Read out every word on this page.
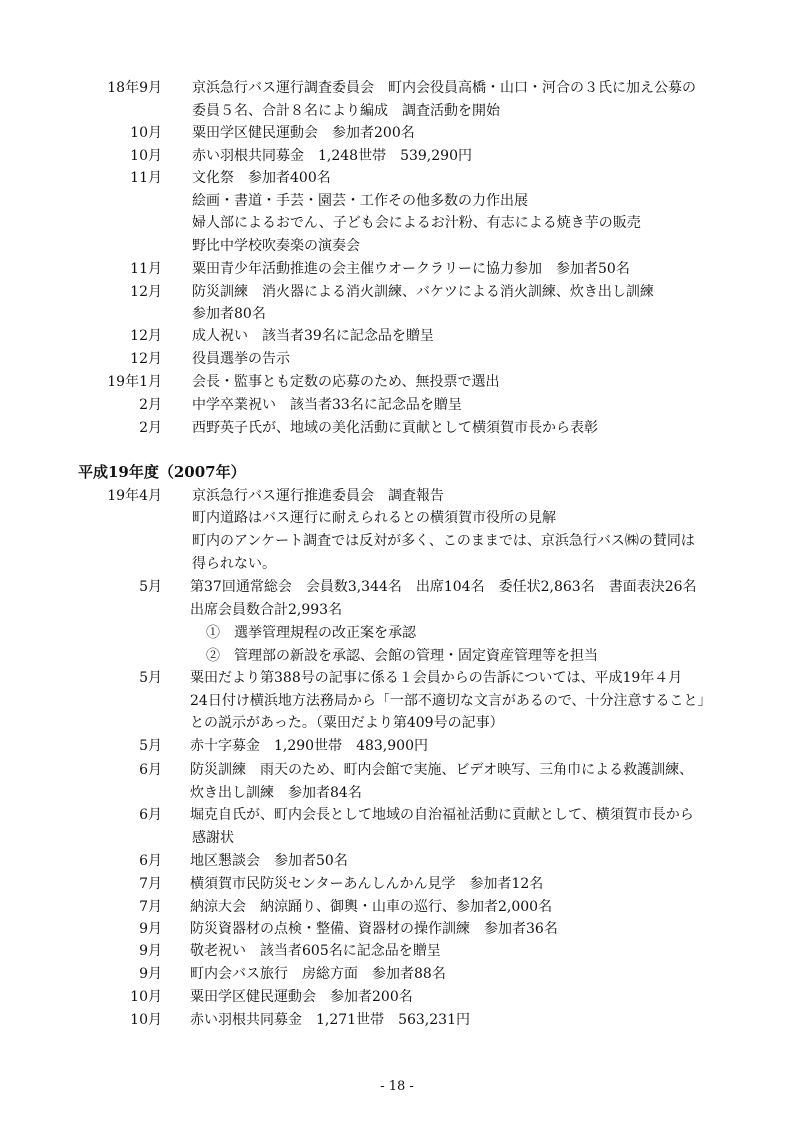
18年9月 京浜急行バス運行調査委員会　町内会役員高橋・山口・河合の３氏に加え公募の
委員５名、合計８名により編成　調査活動を開始
10月 粟田学区健民運動会　参加者200名
10月 赤い羽根共同募金　1,248世帯　539,290円
11月 文化祭　参加者400名
絵画・書道・手芸・園芸・工作その他多数の力作出展
婦人部によるおでん、子ども会によるお汁粉、有志による焼き芋の販売
野比中学校吹奏楽の演奏会
11月 粟田青少年活動推進の会主催ウオークラリーに協力参加　参加者50名
12月 防災訓練　消火器による消火訓練、バケツによる消火訓練、炊き出し訓練
参加者80名
12月 成人祝い　該当者39名に記念品を贈呈
12月 役員選挙の告示
19年1月 会長・監事とも定数の応募のため、無投票で選出
2月 中学卒業祝い　該当者33名に記念品を贈呈
2月 西野英子氏が、地域の美化活動に貢献として横須賀市長から表彰
平成19年度（2007年）
19年4月 京浜急行バス運行推進委員会　調査報告
町内道路はバス運行に耐えられるとの横須賀市役所の見解
町内のアンケート調査では反対が多く、このままでは、京浜急行バス㈱の賛同は
得られない。
5月 第37回通常総会　会員数3,344名　出席104名　委任状2,863名　書面表決26名
出席会員数合計2,993名
①　選挙管理規程の改正案を承認
②　管理部の新設を承認、会館の管理・固定資産管理等を担当
5月 粟田だより第388号の記事に係る１会員からの告訴については、平成19年４月
24日付け横浜地方法務局から「一部不適切な文言があるので、十分注意すること」
との説示があった。（粟田だより第409号の記事）
5月 赤十字募金　1,290世帯　483,900円
6月 防災訓練　雨天のため、町内会館で実施、ビデオ映写、三角巾による救護訓練、
炊き出し訓練　参加者84名
6月 堀克自氏が、町内会長として地域の自治福祉活動に貢献として、横須賀市長から
感謝状
6月 地区懇談会　参加者50名
7月 横須賀市民防災センターあんしんかん見学　参加者12名
7月 納涼大会　納涼踊り、御輿・山車の巡行、参加者2,000名
9月 防災資器材の点検・整備、資器材の操作訓練　参加者36名
9月 敬老祝い　該当者605名に記念品を贈呈
9月 町内会バス旅行　房総方面　参加者88名
10月 粟田学区健民運動会　参加者200名
10月 赤い羽根共同募金　1,271世帯　563,231円
- 18 -
